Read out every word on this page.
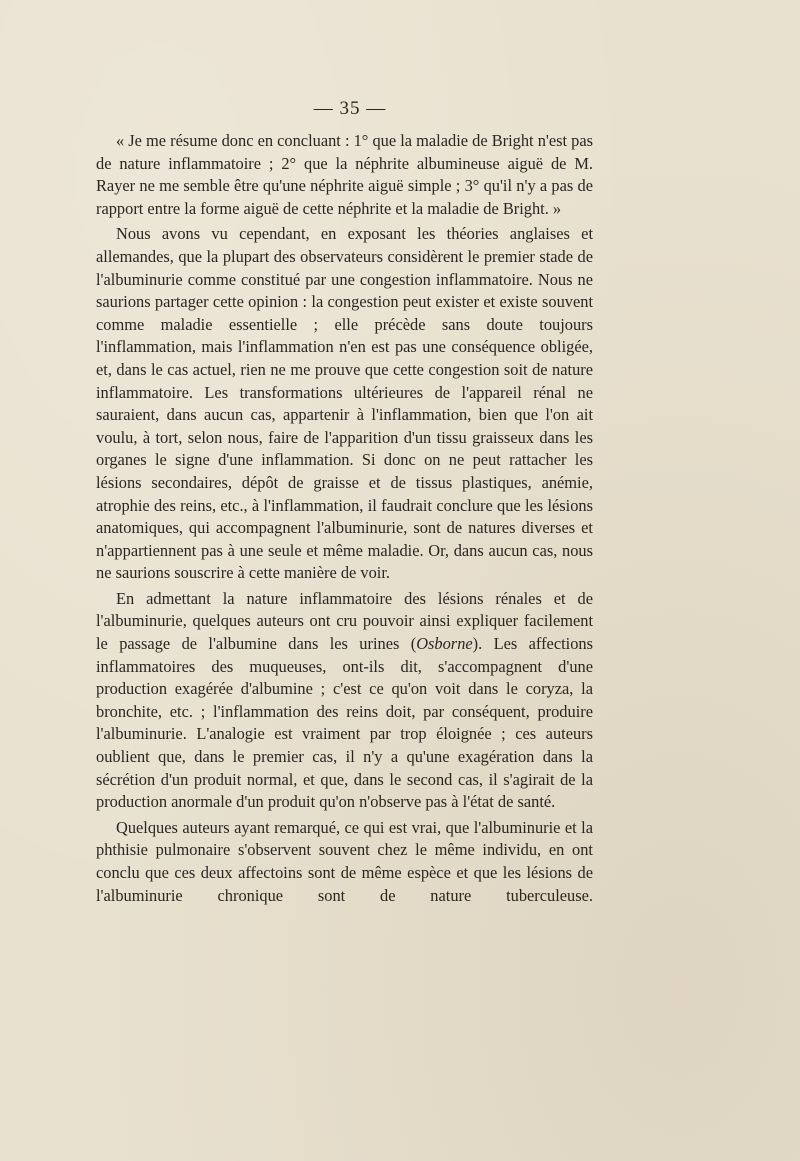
— 35 —

« Je me résume donc en concluant : 1° que la maladie de Bright n'est pas de nature inflammatoire ; 2° que la néphrite albumineuse aiguë de M. Rayer ne me semble être qu'une néphrite aiguë simple ; 3° qu'il n'y a pas de rapport entre la forme aiguë de cette néphrite et la maladie de Bright. »

Nous avons vu cependant, en exposant les théories anglaises et allemandes, que la plupart des observateurs considèrent le premier stade de l'albuminurie comme constitué par une congestion inflammatoire. Nous ne saurions partager cette opinion : la congestion peut exister et existe souvent comme maladie essentielle ; elle précède sans doute toujours l'inflammation, mais l'inflammation n'en est pas une conséquence obligée, et, dans le cas actuel, rien ne me prouve que cette congestion soit de nature inflammatoire. Les transformations ultérieures de l'appareil rénal ne sauraient, dans aucun cas, appartenir à l'inflammation, bien que l'on ait voulu, à tort, selon nous, faire de l'apparition d'un tissu graisseux dans les organes le signe d'une inflammation. Si donc on ne peut rattacher les lésions secondaires, dépôt de graisse et de tissus plastiques, anémie, atrophie des reins, etc., à l'inflammation, il faudrait conclure que les lésions anatomiques, qui accompagnent l'albuminurie, sont de natures diverses et n'appartiennent pas à une seule et même maladie. Or, dans aucun cas, nous ne saurions souscrire à cette manière de voir.

En admettant la nature inflammatoire des lésions rénales et de l'albuminurie, quelques auteurs ont cru pouvoir ainsi expliquer facilement le passage de l'albumine dans les urines (Osborne). Les affections inflammatoires des muqueuses, ont-ils dit, s'accompagnent d'une production exagérée d'albumine ; c'est ce qu'on voit dans le coryza, la bronchite, etc. ; l'inflammation des reins doit, par conséquent, produire l'albuminurie. L'analogie est vraiment par trop éloignée ; ces auteurs oublient que, dans le premier cas, il n'y a qu'une exagération dans la sécrétion d'un produit normal, et que, dans le second cas, il s'agirait de la production anormale d'un produit qu'on n'observe pas à l'état de santé.

Quelques auteurs ayant remarqué, ce qui est vrai, que l'albuminurie et la phthisie pulmonaire s'observent souvent chez le même individu, en ont conclu que ces deux affectoins sont de même espèce et que les lésions de l'albuminurie chronique sont de nature tuberculeuse.
